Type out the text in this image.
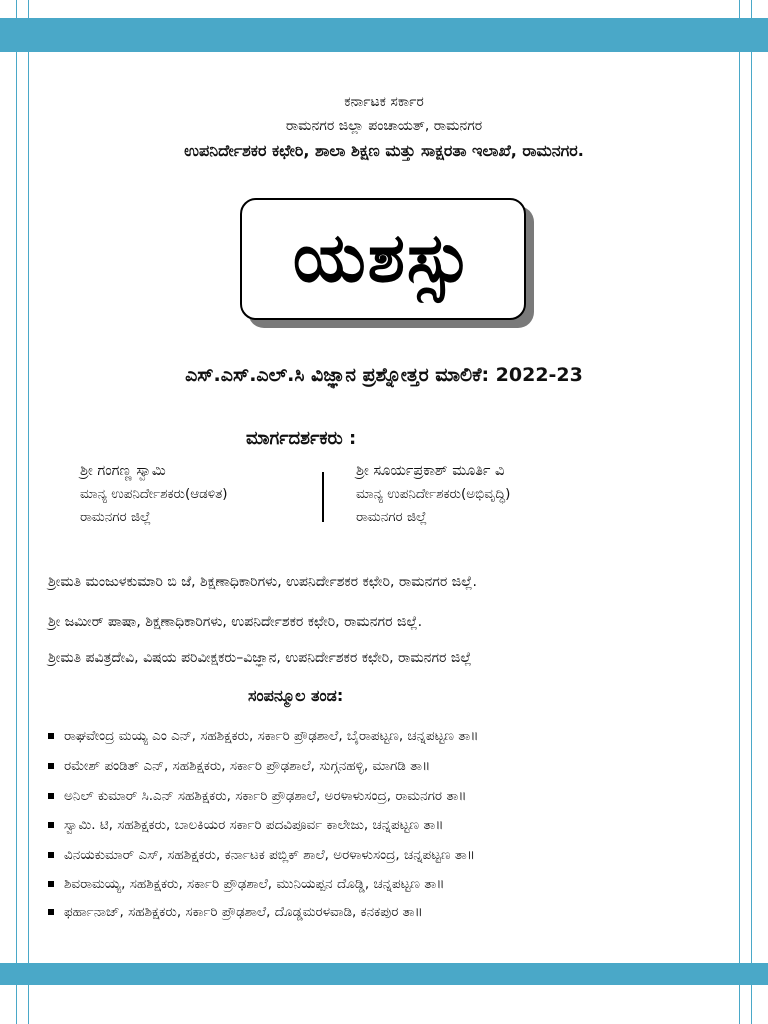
ಕರ್ನಾಟಕ ಸರ್ಕಾರ
ರಾಮನಗರ ಜಿಲ್ಲಾ ಪಂಚಾಯತ್, ರಾಮನಗರ
ಉಪನಿರ್ದೇಶಕರ ಕಛೇರಿ, ಶಾಲಾ ಶಿಕ್ಷಣ ಮತ್ತು ಸಾಕ್ಷರತಾ ಇಲಾಖೆ, ರಾಮನಗರ.
ಯಶಸ್ಸು
ಎಸ್.ಎಸ್.ಎಲ್.ಸಿ ವಿಜ್ಞಾನ ಪ್ರಶ್ನೋತ್ತರ ಮಾಲಿಕೆ: 2022-23
ಮಾರ್ಗದರ್ಶಕರು :
ಶ್ರೀ ಗಂಗಣ್ಣ ಸ್ವಾಮಿ
ಮಾನ್ಯ ಉಪನಿರ್ದೇಶಕರು(ಆಡಳಿತ)
ರಾಮನಗರ ಜಿಲ್ಲೆ
ಶ್ರೀ ಸೂರ್ಯಪ್ರಕಾಶ್ ಮೂರ್ತಿ ವಿ
ಮಾನ್ಯ ಉಪನಿರ್ದೇಶಕರು(ಅಭಿವೃದ್ಧಿ)
ರಾಮನಗರ ಜಿಲ್ಲೆ
ಶ್ರೀಮತಿ ಮಂಜುಳಕುಮಾರಿ ಬಿ ಜೆ, ಶಿಕ್ಷಣಾಧಿಕಾರಿಗಳು, ಉಪನಿರ್ದೇಶಕರ ಕಛೇರಿ, ರಾಮನಗರ ಜಿಲ್ಲೆ.
ಶ್ರೀ ಜಮೀರ್ ಪಾಷಾ, ಶಿಕ್ಷಣಾಧಿಕಾರಿಗಳು, ಉಪನಿರ್ದೇಶಕರ ಕಛೇರಿ, ರಾಮನಗರ ಜಿಲ್ಲೆ.
ಶ್ರೀಮತಿ ಪವಿತ್ರದೇವಿ, ವಿಷಯ ಪರಿವೀಕ್ಷಕರು–ವಿಜ್ಞಾನ, ಉಪನಿರ್ದೇಶಕರ ಕಛೇರಿ, ರಾಮನಗರ ಜಿಲ್ಲೆ
ಸಂಪನ್ಮೂಲ ತಂಡ:
ರಾಘವೇಂದ್ರ ಮಯ್ಯ ಎಂ ಎನ್, ಸಹಶಿಕ್ಷಕರು, ಸರ್ಕಾರಿ ಪ್ರೌಢಶಾಲೆ, ಬೈರಾಪಟ್ಟಣ, ಚನ್ನಪಟ್ಟಣ ತಾ॥
ರಮೇಶ್ ಪಂಡಿತ್ ಎನ್, ಸಹಶಿಕ್ಷಕರು, ಸರ್ಕಾರಿ ಪ್ರೌಢಶಾಲೆ, ಸುಗ್ಗನಹಳ್ಳಿ, ಮಾಗಡಿ ತಾ॥
ಅನಿಲ್ ಕುಮಾರ್ ಸಿ.ಎನ್ ಸಹಶಿಕ್ಷಕರು, ಸರ್ಕಾರಿ ಪ್ರೌಢಶಾಲೆ, ಅರಳಾಳುಸಂದ್ರ, ರಾಮನಗರ ತಾ॥
ಸ್ವಾಮಿ. ಟಿ, ಸಹಶಿಕ್ಷಕರು, ಬಾಲಕಿಯರ ಸರ್ಕಾರಿ ಪದವಿಪೂರ್ವ ಕಾಲೇಜು, ಚನ್ನಪಟ್ಟಣ ತಾ॥
ವಿನಯಕುಮಾರ್ ಎಸ್, ಸಹಶಿಕ್ಷಕರು, ಕರ್ನಾಟಕ ಪಬ್ಲಿಕ್ ಶಾಲೆ, ಅರಳಾಳುಸಂದ್ರ, ಚನ್ನಪಟ್ಟಣ ತಾ॥
ಶಿವರಾಮಯ್ಯ, ಸಹಶಿಕ್ಷಕರು, ಸರ್ಕಾರಿ ಪ್ರೌಢಶಾಲೆ, ಮುನಿಯಪ್ಪನ ದೊಡ್ಡಿ, ಚನ್ನಪಟ್ಟಣ ತಾ॥
ಫರ್ಹಾನಾಜ್, ಸಹಶಿಕ್ಷಕರು, ಸರ್ಕಾರಿ ಪ್ರೌಢಶಾಲೆ, ದೊಡ್ಡಮರಳವಾಡಿ, ಕನಕಪುರ ತಾ॥
